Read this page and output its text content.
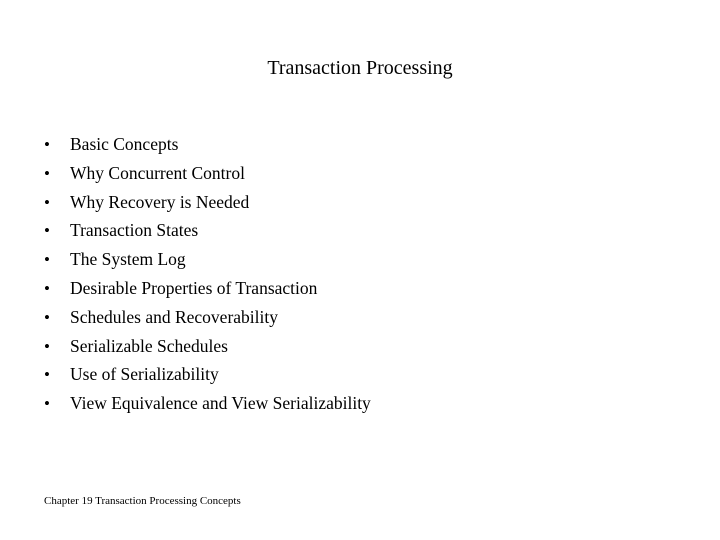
Transaction Processing
•	Basic Concepts
•	Why Concurrent Control
•	Why Recovery is Needed
•	Transaction States
•	The System Log
•	Desirable Properties of Transaction
•	Schedules and Recoverability
•	Serializable Schedules
•	Use of Serializability
•	View Equivalence and View Serializability
Chapter 19 Transaction Processing Concepts
